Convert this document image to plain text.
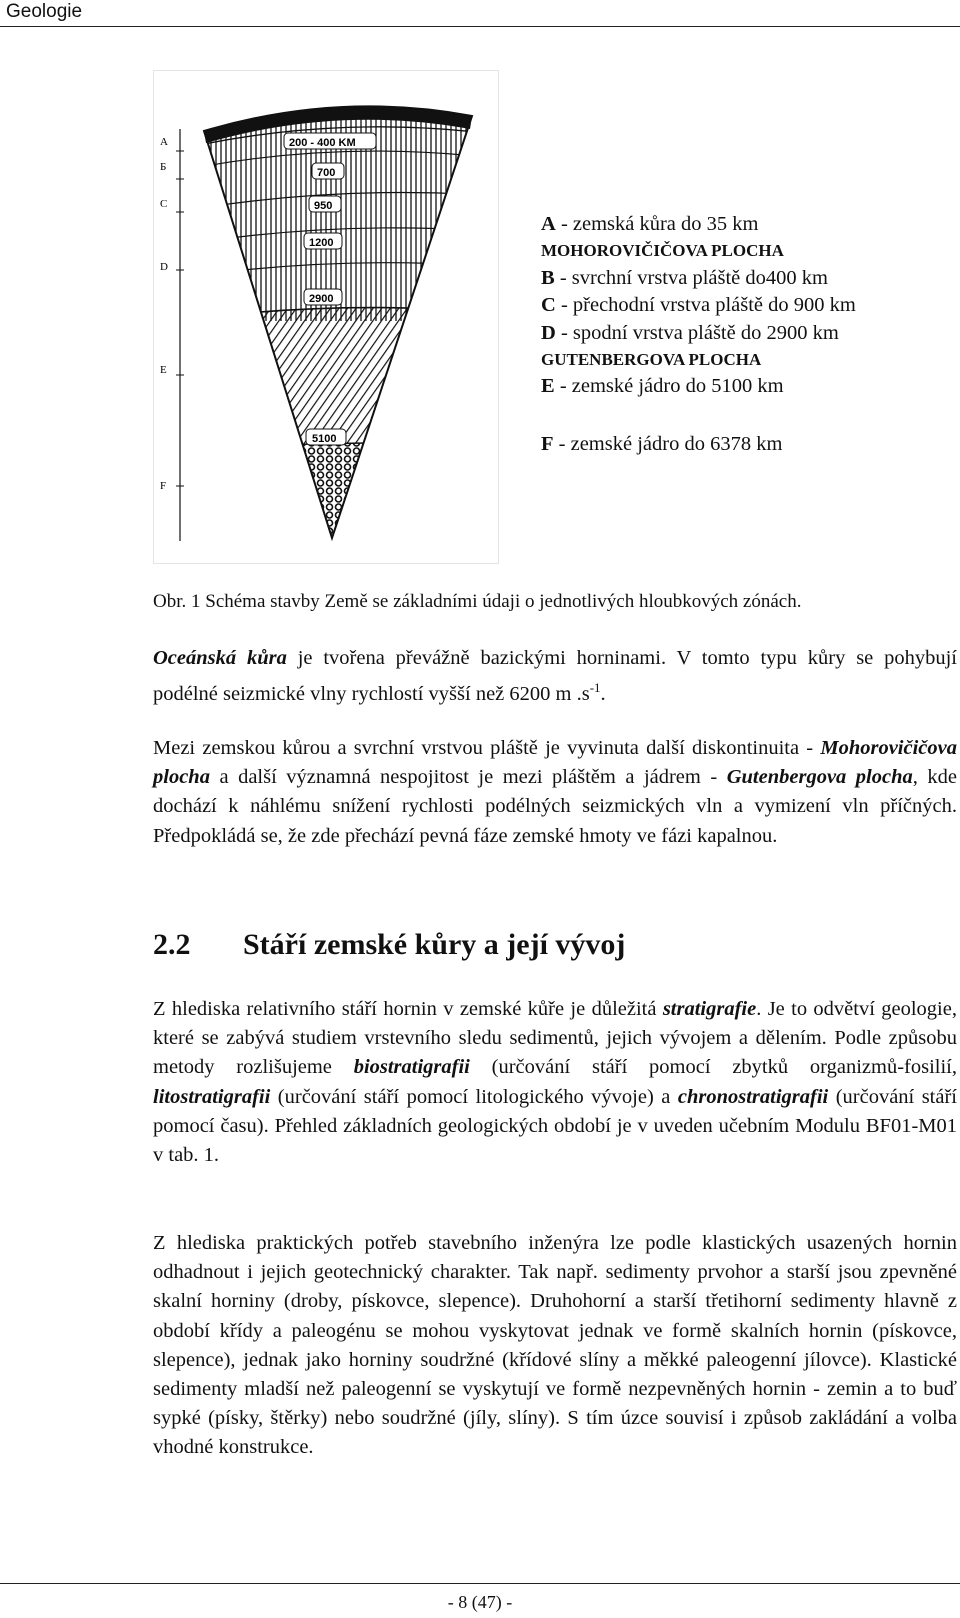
Geologie
A
Б
C
D
E
F
200 - 400 KM
700
950
1200
2900
5100
A - zemská kůra do 35 km
MOHOROVIČIČOVA PLOCHA
B - svrchní vrstva pláště do400 km
C - přechodní vrstva pláště do 900 km
D - spodní vrstva pláště do 2900 km
GUTENBERGOVA PLOCHA
E - zemské jádro do 5100 km
F - zemské jádro do 6378 km
Obr. 1 Schéma stavby Země se základními údaji o jednotlivých hloubkových zónách.
Oceánská kůra je tvořena převážně bazickými horninami. V tomto typu kůry se pohybují podélné seizmické vlny rychlostí vyšší než 6200 m $.s^{-1}$.
Mezi zemskou kůrou a svrchní vrstvou pláště je vyvinuta další diskontinuita - Mohorovičičova plocha a další významná nespojitost je mezi pláštěm a jádrem - Gutenbergova plocha, kde dochází k náhlému snížení rychlosti podélných seizmických vln a vymizení vln příčných. Předpokládá se, že zde přechází pevná fáze zemské hmoty ve fázi kapalnou.
2.2 Stáří zemské kůry a její vývoj
Z hlediska relativního stáří hornin v zemské kůře je důležitá stratigrafie. Je to odvětví geologie, které se zabývá studiem vrstevního sledu sedimentů, jejich vývojem a dělením. Podle způsobu metody rozlišujeme biostratigrafii (určování stáří pomocí zbytků organizmů-fosilií, litostratigrafii (určování stáří pomocí litologického vývoje) a chronostratigrafii (určování stáří pomocí času). Přehled základních geologických období je v uveden učebním Modulu BF01-M01 v tab. 1.
Z hlediska praktických potřeb stavebního inženýra lze podle klastických usazených hornin odhadnout i jejich geotechnický charakter. Tak např. sedimenty prvohor a starší jsou zpevněné skalní horniny (droby, pískovce, slepence). Druhohorní a starší třetihorní sedimenty hlavně z období křídy a paleogénu se mohou vyskytovat jednak ve formě skalních hornin (pískovce, slepence), jednak jako horniny soudržné (křídové slíny a měkké paleogenní jílovce). Klastické sedimenty mladší než paleogenní se vyskytují ve formě nezpevněných hornin - zemin a to buď sypké (písky, štěrky) nebo soudržné (jíly, slíny). S tím úzce souvisí i způsob zakládání a volba vhodné konstrukce.
- 8 (47) -
